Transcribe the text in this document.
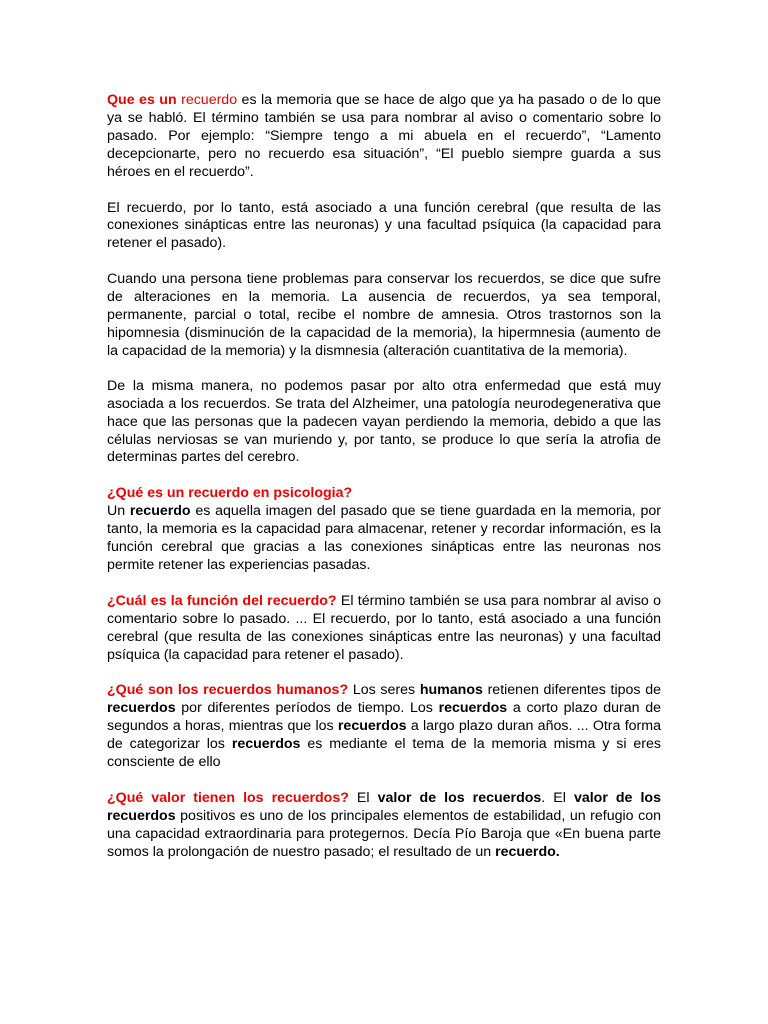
Que es un recuerdo es la memoria que se hace de algo que ya ha pasado o de lo que ya se habló. El término también se usa para nombrar al aviso o comentario sobre lo pasado. Por ejemplo: “Siempre tengo a mi abuela en el recuerdo”, “Lamento decepcionarte, pero no recuerdo esa situación”, “El pueblo siempre guarda a sus héroes en el recuerdo”.

El recuerdo, por lo tanto, está asociado a una función cerebral (que resulta de las conexiones sinápticas entre las neuronas) y una facultad psíquica (la capacidad para retener el pasado).

Cuando una persona tiene problemas para conservar los recuerdos, se dice que sufre de alteraciones en la memoria. La ausencia de recuerdos, ya sea temporal, permanente, parcial o total, recibe el nombre de amnesia. Otros trastornos son la hipomnesia (disminución de la capacidad de la memoria), la hipermnesia (aumento de la capacidad de la memoria) y la dismnesia (alteración cuantitativa de la memoria).

De la misma manera, no podemos pasar por alto otra enfermedad que está muy asociada a los recuerdos. Se trata del Alzheimer, una patología neurodegenerativa que hace que las personas que la padecen vayan perdiendo la memoria, debido a que las células nerviosas se van muriendo y, por tanto, se produce lo que sería la atrofia de determinas partes del cerebro.

¿Qué es un recuerdo en psicologia?
Un recuerdo es aquella imagen del pasado que se tiene guardada en la memoria, por tanto, la memoria es la capacidad para almacenar, retener y recordar información, es la función cerebral que gracias a las conexiones sinápticas entre las neuronas nos permite retener las experiencias pasadas.

¿Cuál es la función del recuerdo? El término también se usa para nombrar al aviso o comentario sobre lo pasado. ... El recuerdo, por lo tanto, está asociado a una función cerebral (que resulta de las conexiones sinápticas entre las neuronas) y una facultad psíquica (la capacidad para retener el pasado).

¿Qué son los recuerdos humanos? Los seres humanos retienen diferentes tipos de recuerdos por diferentes períodos de tiempo. Los recuerdos a corto plazo duran de segundos a horas, mientras que los recuerdos a largo plazo duran años. ... Otra forma de categorizar los recuerdos es mediante el tema de la memoria misma y si eres consciente de ello

¿Qué valor tienen los recuerdos? El valor de los recuerdos. El valor de los recuerdos positivos es uno de los principales elementos de estabilidad, un refugio con una capacidad extraordinaria para protegernos. Decía Pío Baroja que «En buena parte somos la prolongación de nuestro pasado; el resultado de un recuerdo.
